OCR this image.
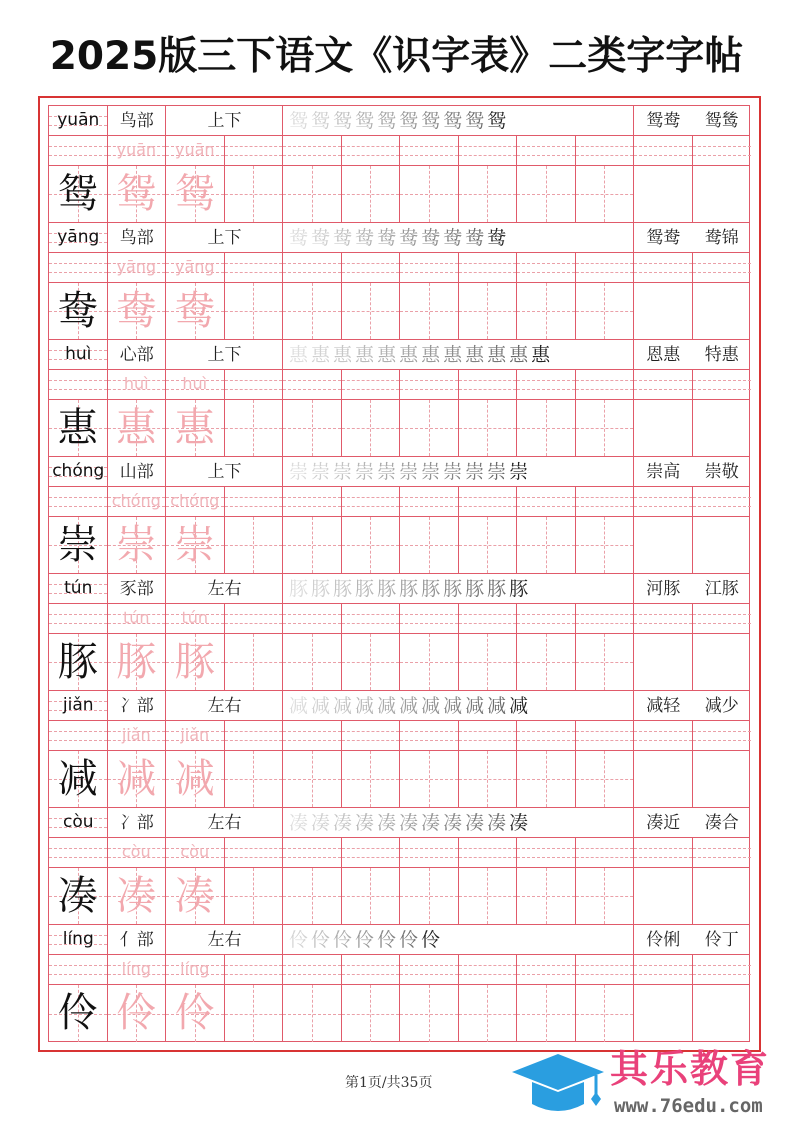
2025版三下语文《识字表》二类字字帖
yuān	鸟部	上下	鸳 鸳 鸳 鸳 鸳 鸳 鸳 鸳 鸳 鸳	鸳鸯 鸳鸶
yuān	yuān
鸳 鸳 鸳
yāng	鸟部	上下	鸯 鸯 鸯 鸯 鸯 鸯 鸯 鸯 鸯 鸯	鸳鸯 鸯锦
yāng	yāng
鸯 鸯 鸯
huì	心部	上下	惠 惠 惠 惠 惠 惠 惠 惠 惠 惠 惠 惠	恩惠 特惠
huì	huì
惠 惠 惠
chóng 山部	上下	崇 崇 崇 崇 崇 崇 崇 崇 崇 崇 崇	崇高 崇敬
chóng chóng
崇 崇 崇
tún	豕部	左右	豚 豚 豚 豚 豚 豚 豚 豚 豚 豚 豚	河豚 江豚
tún	tún
豚 豚 豚
jiǎn	冫部	左右	减 减 减 减 减 减 减 减 减 减 减	减轻 减少
jiǎn	jiǎn
减 减 减
còu	冫部	左右	凑 凑 凑 凑 凑 凑 凑 凑 凑 凑 凑	凑近 凑合
còu	còu
凑 凑 凑
líng	亻部	左右	伶 伶 伶 伶 伶 伶 伶	伶俐 伶丁
líng	líng
伶 伶 伶
第1页/共35页	其乐教育
www.76edu.com
